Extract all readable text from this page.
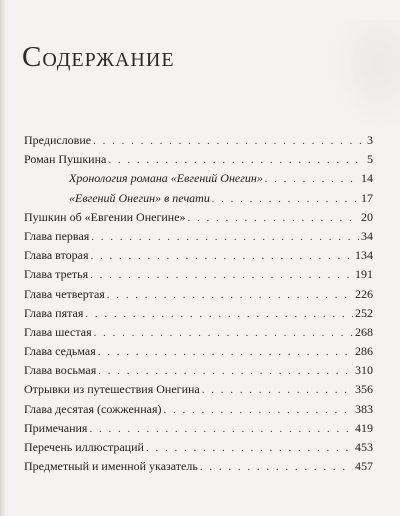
Содержание
Предисловие . . .	3
Роман Пушкина . . .	5
Хронология романа «Евгений Онегин» . . .	14
«Евгений Онегин» в печати . . .	17
Пушкин об «Евгении Онегине» . . .	20
Глава первая . . .	34
Глава вторая . . .	134
Глава третья . . .	191
Глава четвертая . . .	226
Глава пятая . . .	252
Глава шестая . . .	268
Глава седьмая . . .	286
Глава восьмая . . .	310
Отрывки из путешествия Онегина . . .	356
Глава десятая (сожженная) . . .	383
Примечания . . .	419
Перечень иллюстраций . . .	453
Предметный и именной указатель . . .	457
